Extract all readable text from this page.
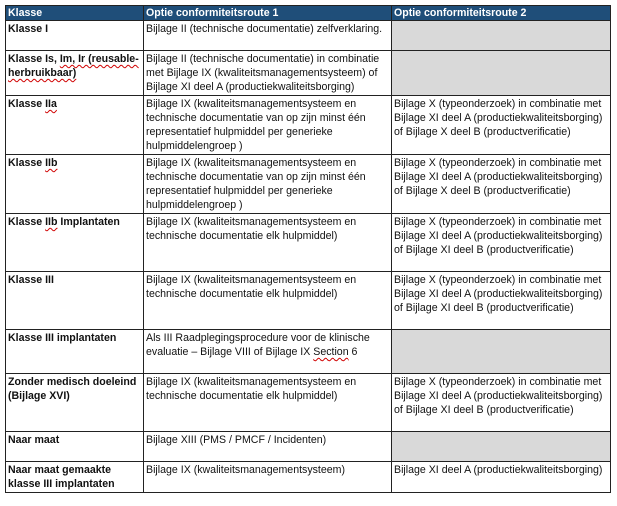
Klasse	Optie conformiteitsroute 1	Optie conformiteitsroute 2
Klasse I	Bijlage II (technische documentatie) zelfverklaring.	
Klasse Is, Im, Ir (reusable-herbruikbaar)	Bijlage II (technische documentatie) in combinatie met Bijlage IX (kwaliteitsmanagementsysteem) of Bijlage XI deel A (productiekwaliteitsborging)	
Klasse IIa	Bijlage IX (kwaliteitsmanagementsysteem en technische documentatie van op zijn minst één representatief hulpmiddel per generieke hulpmiddelengroep )	Bijlage X (typeonderzoek) in combinatie met Bijlage XI deel A (productiekwaliteitsborging) of Bijlage X deel B (productverificatie)
Klasse IIb	Bijlage IX (kwaliteitsmanagementsysteem en technische documentatie van op zijn minst één representatief hulpmiddel per generieke hulpmiddelengroep )	Bijlage X (typeonderzoek) in combinatie met Bijlage XI deel A (productiekwaliteitsborging) of Bijlage X deel B (productverificatie)
Klasse IIb Implantaten	Bijlage IX (kwaliteitsmanagementsysteem en technische documentatie elk hulpmiddel)	Bijlage X (typeonderzoek) in combinatie met Bijlage XI deel A (productiekwaliteitsborging) of Bijlage XI deel B (productverificatie)
Klasse III	Bijlage IX (kwaliteitsmanagementsysteem en technische documentatie elk hulpmiddel)	Bijlage X (typeonderzoek) in combinatie met Bijlage XI deel A (productiekwaliteitsborging) of Bijlage XI deel B (productverificatie)
Klasse III implantaten	Als III Raadplegingsprocedure voor de klinische evaluatie – Bijlage VIII of Bijlage IX Section 6	
Zonder medisch doeleind (Bijlage XVI)	Bijlage IX (kwaliteitsmanagementsysteem en technische documentatie elk hulpmiddel)	Bijlage X (typeonderzoek) in combinatie met Bijlage XI deel A (productiekwaliteitsborging) of Bijlage XI deel B (productverificatie)
Naar maat	Bijlage XIII (PMS / PMCF / Incidenten)	
Naar maat gemaakte klasse III implantaten	Bijlage IX (kwaliteitsmanagementsysteem)	Bijlage XI deel A (productiekwaliteitsborging)
